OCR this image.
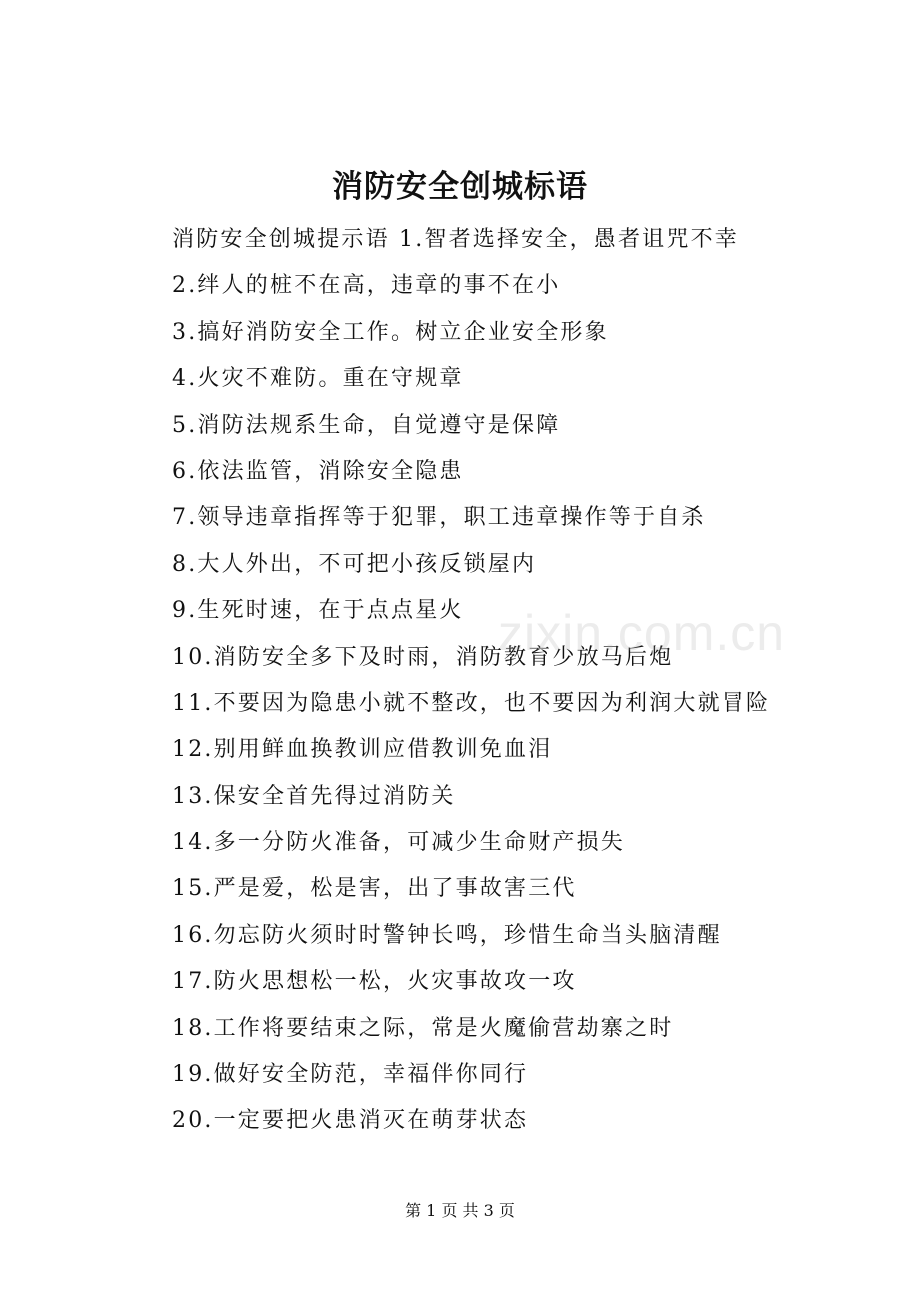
消防安全创城标语
消防安全创城提示语 1.智者选择安全，愚者诅咒不幸
2.绊人的桩不在高，违章的事不在小
3.搞好消防安全工作。树立企业安全形象
4.火灾不难防。重在守规章
5.消防法规系生命，自觉遵守是保障
6.依法监管，消除安全隐患
7.领导违章指挥等于犯罪，职工违章操作等于自杀
8.大人外出，不可把小孩反锁屋内
9.生死时速，在于点点星火
10.消防安全多下及时雨，消防教育少放马后炮
11.不要因为隐患小就不整改，也不要因为利润大就冒险
12.别用鲜血换教训应借教训免血泪
13.保安全首先得过消防关
14.多一分防火准备，可减少生命财产损失
15.严是爱，松是害，出了事故害三代
16.勿忘防火须时时警钟长鸣，珍惜生命当头脑清醒
17.防火思想松一松，火灾事故攻一攻
18.工作将要结束之际，常是火魔偷营劫寨之时
19.做好安全防范，幸福伴你同行
20.一定要把火患消灭在萌芽状态
zixin.com.cn
第 1 页 共 3 页
